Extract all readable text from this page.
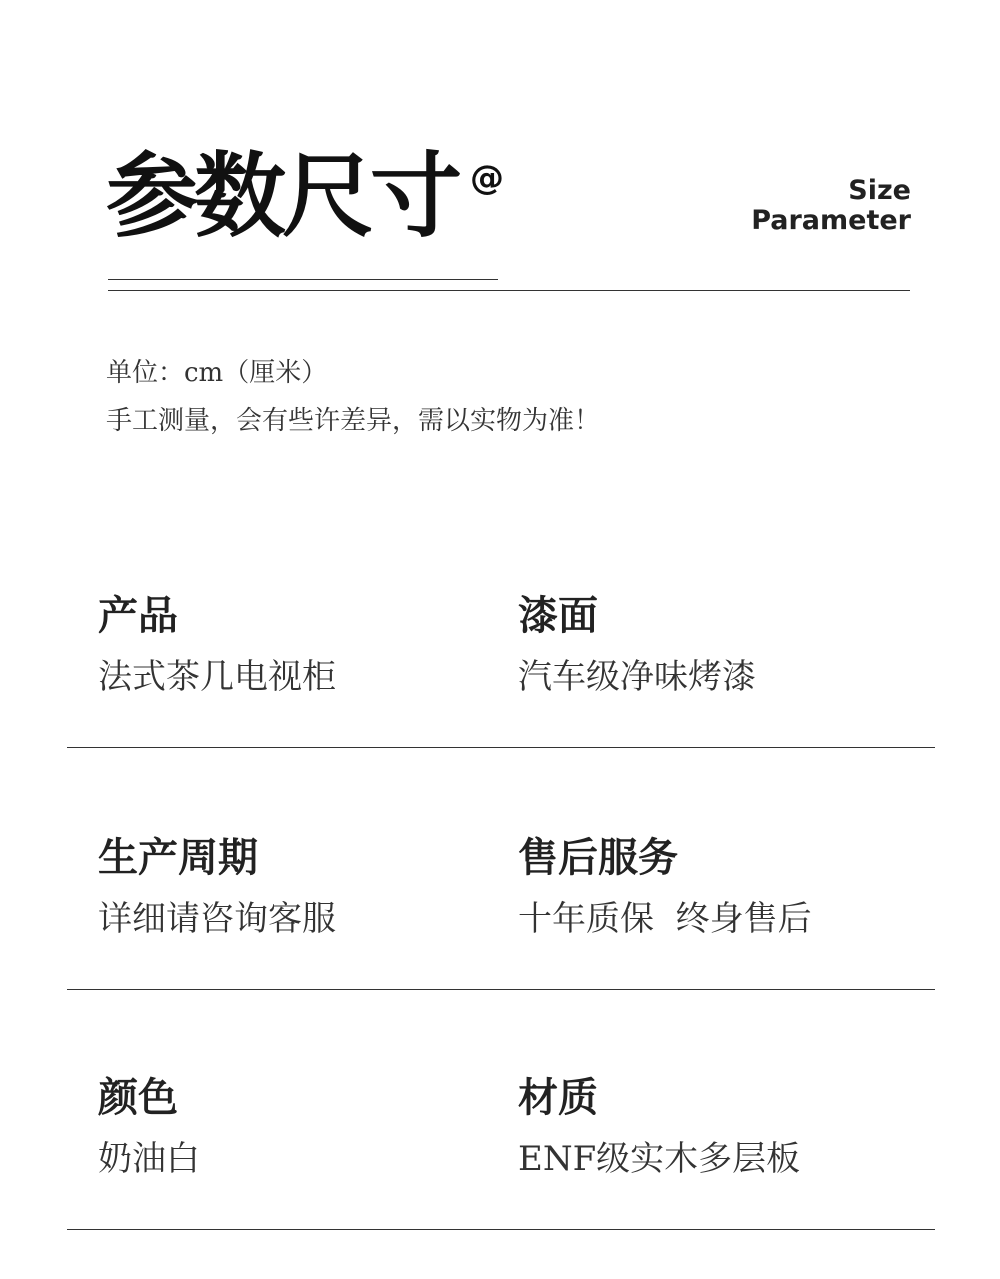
参数尺寸 @	Size
Parameter
单位：cm（厘米）
手工测量，会有些许差异，需以实物为准！
产品
法式茶几电视柜
漆面
汽车级净味烤漆
生产周期
详细请咨询客服
售后服务
十年质保  终身售后
颜色
奶油白
材质
ENF级实木多层板
